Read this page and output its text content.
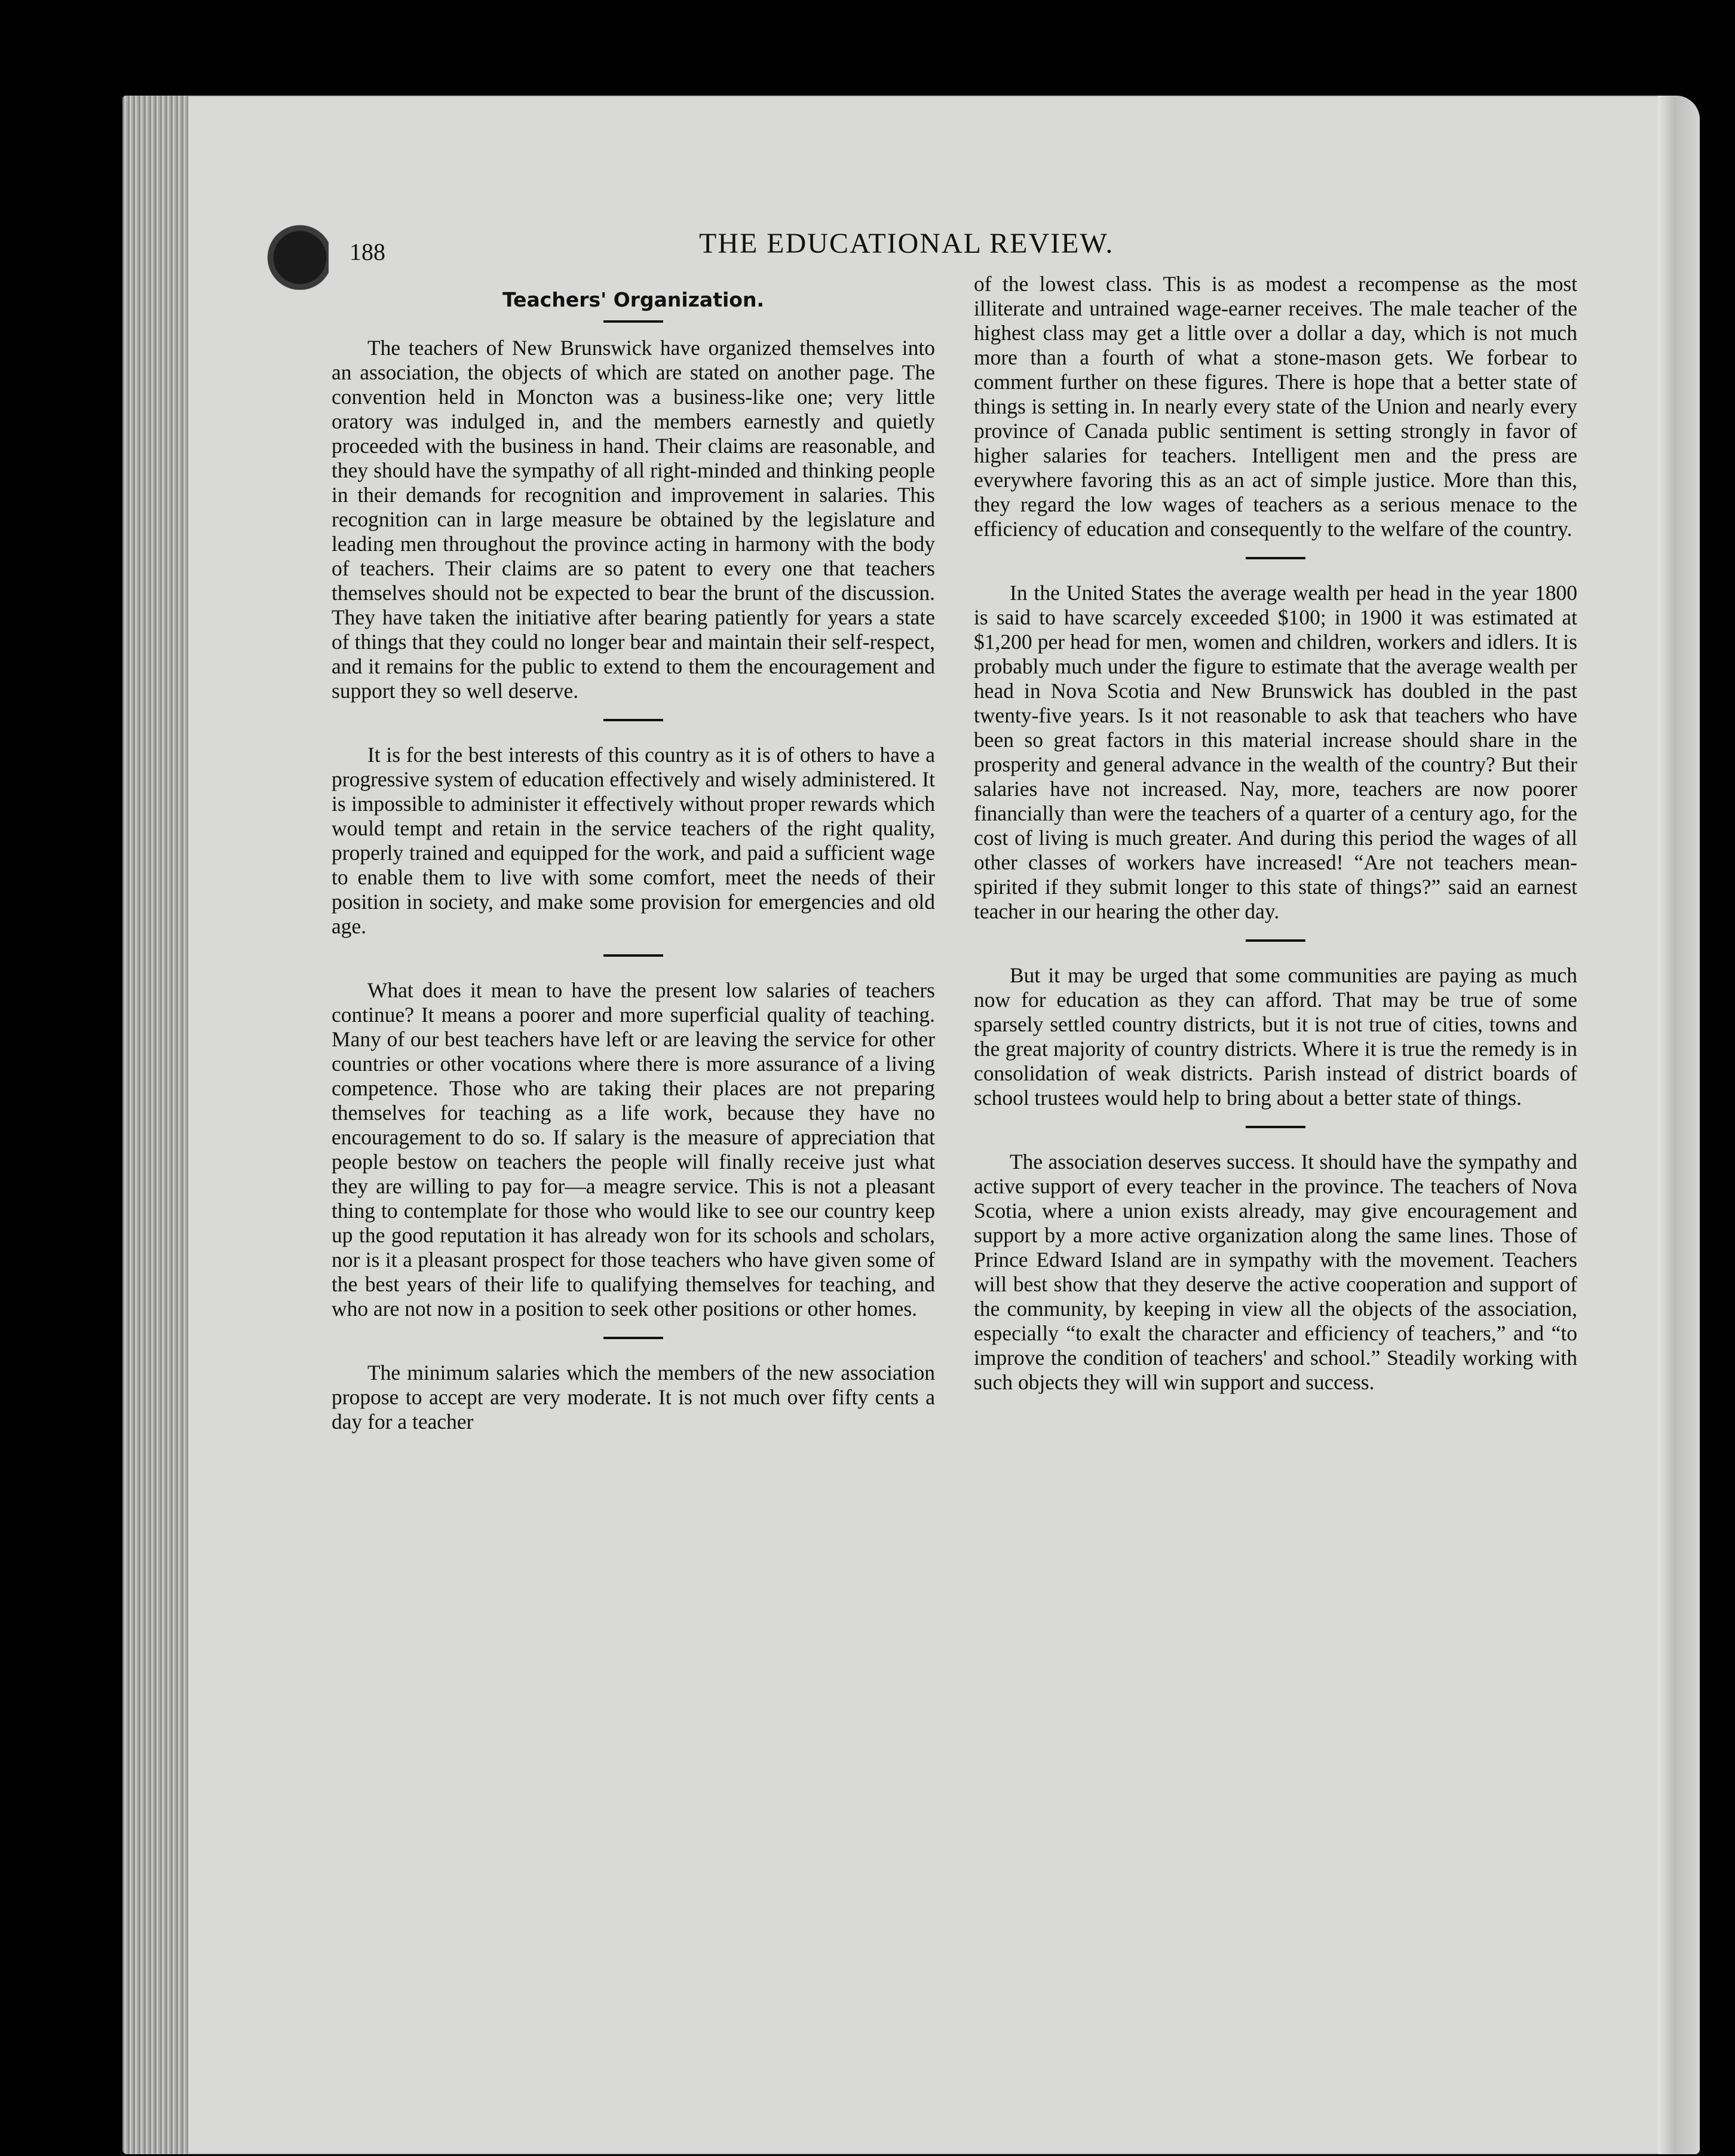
188	THE EDUCATIONAL REVIEW.
Teachers' Organization.

The teachers of New Brunswick have organized themselves into an association, the objects of which are stated on another page. The convention held in Moncton was a business-like one; very little oratory was indulged in, and the members earnestly and quietly proceeded with the business in hand. Their claims are reasonable, and they should have the sympathy of all right-minded and thinking people in their demands for recognition and improvement in salaries. This recognition can in large measure be obtained by the legislature and leading men throughout the province acting in harmony with the body of teachers. Their claims are so patent to every one that teachers themselves should not be expected to bear the brunt of the discussion. They have taken the initiative after bearing patiently for years a state of things that they could no longer bear and maintain their self-respect, and it remains for the public to extend to them the encouragement and support they so well deserve.

It is for the best interests of this country as it is of others to have a progressive system of education effectively and wisely administered. It is impossible to administer it effectively without proper rewards which would tempt and retain in the service teachers of the right quality, properly trained and equipped for the work, and paid a sufficient wage to enable them to live with some comfort, meet the needs of their position in society, and make some provision for emergencies and old age.

What does it mean to have the present low salaries of teachers continue? It means a poorer and more superficial quality of teaching. Many of our best teachers have left or are leaving the service for other countries or other vocations where there is more assurance of a living competence. Those who are taking their places are not preparing themselves for teaching as a life work, because they have no encouragement to do so. If salary is the measure of appreciation that people bestow on teachers the people will finally receive just what they are willing to pay for—a meagre service. This is not a pleasant thing to contemplate for those who would like to see our country keep up the good reputation it has already won for its schools and scholars, nor is it a pleasant prospect for those teachers who have given some of the best years of their life to qualifying themselves for teaching, and who are not now in a position to seek other positions or other homes.

The minimum salaries which the members of the new association propose to accept are very moderate. It is not much over fifty cents a day for a teacher

of the lowest class. This is as modest a recompense as the most illiterate and untrained wage-earner receives. The male teacher of the highest class may get a little over a dollar a day, which is not much more than a fourth of what a stone-mason gets. We forbear to comment further on these figures. There is hope that a better state of things is setting in. In nearly every state of the Union and nearly every province of Canada public sentiment is setting strongly in favor of higher salaries for teachers. Intelligent men and the press are everywhere favoring this as an act of simple justice. More than this, they regard the low wages of teachers as a serious menace to the efficiency of education and consequently to the welfare of the country.

In the United States the average wealth per head in the year 1800 is said to have scarcely exceeded $100; in 1900 it was estimated at $1,200 per head for men, women and children, workers and idlers. It is probably much under the figure to estimate that the average wealth per head in Nova Scotia and New Brunswick has doubled in the past twenty-five years. Is it not reasonable to ask that teachers who have been so great factors in this material increase should share in the prosperity and general advance in the wealth of the country? But their salaries have not increased. Nay, more, teachers are now poorer financially than were the teachers of a quarter of a century ago, for the cost of living is much greater. And during this period the wages of all other classes of workers have increased! “Are not teachers mean-spirited if they submit longer to this state of things?” said an earnest teacher in our hearing the other day.

But it may be urged that some communities are paying as much now for education as they can afford. That may be true of some sparsely settled country districts, but it is not true of cities, towns and the great majority of country districts. Where it is true the remedy is in consolidation of weak districts. Parish instead of district boards of school trustees would help to bring about a better state of things.

The association deserves success. It should have the sympathy and active support of every teacher in the province. The teachers of Nova Scotia, where a union exists already, may give encouragement and support by a more active organization along the same lines. Those of Prince Edward Island are in sympathy with the movement. Teachers will best show that they deserve the active cooperation and support of the community, by keeping in view all the objects of the association, especially “to exalt the character and efficiency of teachers,” and “to improve the condition of teachers' and school.” Steadily working with such objects they will win support and success.
